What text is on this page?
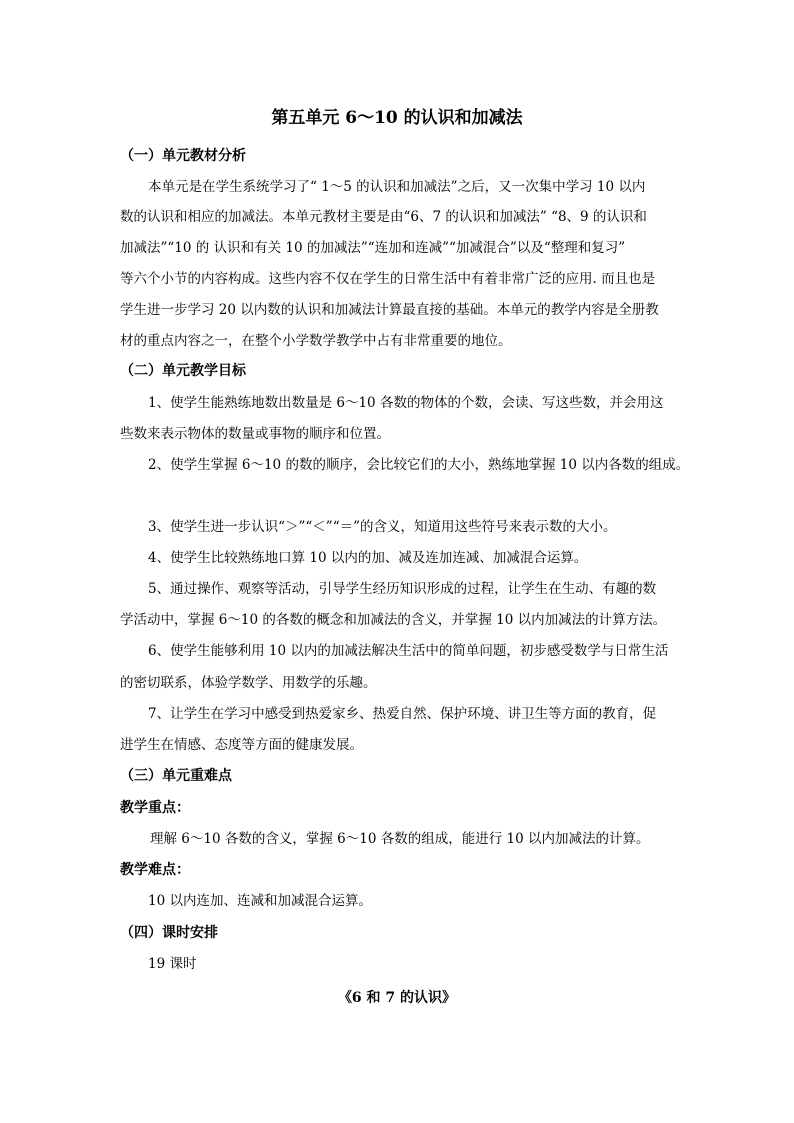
第五单元 6～10 的认识和加减法
（一）单元教材分析
本单元是在学生系统学习了“ 1～5 的认识和加减法”之后，又一次集中学习 10 以内
数的认识和相应的加减法。本单元教材主要是由“6、7 的认识和加减法” “8、9 的认识和
加减法”“10 的 认识和有关 10 的加减法”“连加和连减”“加减混合”以及“整理和复习”
等六个小节的内容构成。这些内容不仅在学生的日常生活中有着非常广泛的应用. 而且也是
学生进一步学习 20 以内数的认识和加减法计算最直接的基础。本单元的教学内容是全册教
材的重点内容之一，在整个小学数学教学中占有非常重要的地位。
（二）单元教学目标
1、使学生能熟练地数出数量是 6～10 各数的物体的个数，会读、写这些数，并会用这
些数来表示物体的数量或事物的顺序和位置。
2、使学生掌握 6～10 的数的顺序，会比较它们的大小，熟练地掌握 10 以内各数的组成。
3、使学生进一步认识“＞”“＜”“＝”的含义，知道用这些符号来表示数的大小。
4、使学生比较熟练地口算 10 以内的加、减及连加连减、加减混合运算。
5、通过操作、观察等活动，引导学生经历知识形成的过程，让学生在生动、有趣的数
学活动中，掌握 6～10 的各数的概念和加减法的含义，并掌握 10 以内加减法的计算方法。
6、使学生能够利用 10 以内的加减法解决生活中的简单问题，初步感受数学与日常生活
的密切联系，体验学数学、用数学的乐趣。
7、让学生在学习中感受到热爱家乡、热爱自然、保护环境、讲卫生等方面的教育，促
进学生在情感、态度等方面的健康发展。
（三）单元重难点
教学重点：
理解 6～10 各数的含义，掌握 6～10 各数的组成，能进行 10 以内加减法的计算。
教学难点：
10 以内连加、连减和加减混合运算。
（四）课时安排
19 课时
《6 和 7 的认识》
